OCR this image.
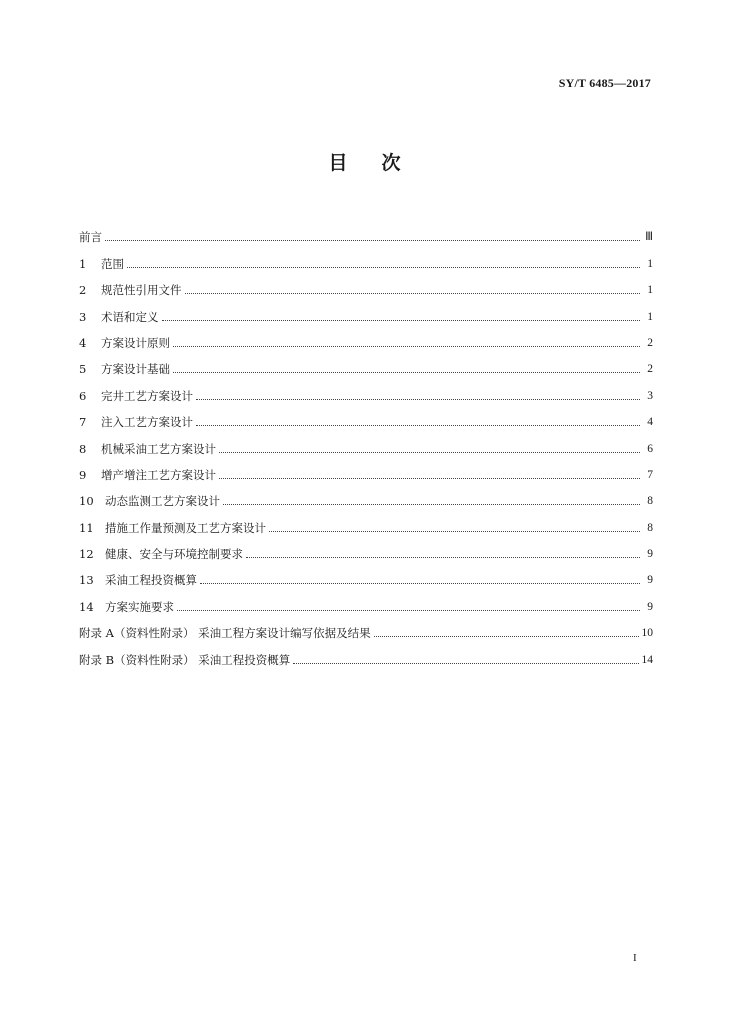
SY/T 6485—2017
目 次
前言	Ⅲ
1	范围	1
2	规范性引用文件	1
3	术语和定义	1
4	方案设计原则	2
5	方案设计基础	2
6	完井工艺方案设计	3
7	注入工艺方案设计	4
8	机械采油工艺方案设计	6
9	增产增注工艺方案设计	7
10 动态监测工艺方案设计	8
11 措施工作量预测及工艺方案设计	8
12 健康、安全与环境控制要求	9
13 采油工程投资概算	9
14 方案实施要求	9
附录 A（资料性附录） 采油工程方案设计编写依据及结果	10
附录 B（资料性附录） 采油工程投资概算	14
I
